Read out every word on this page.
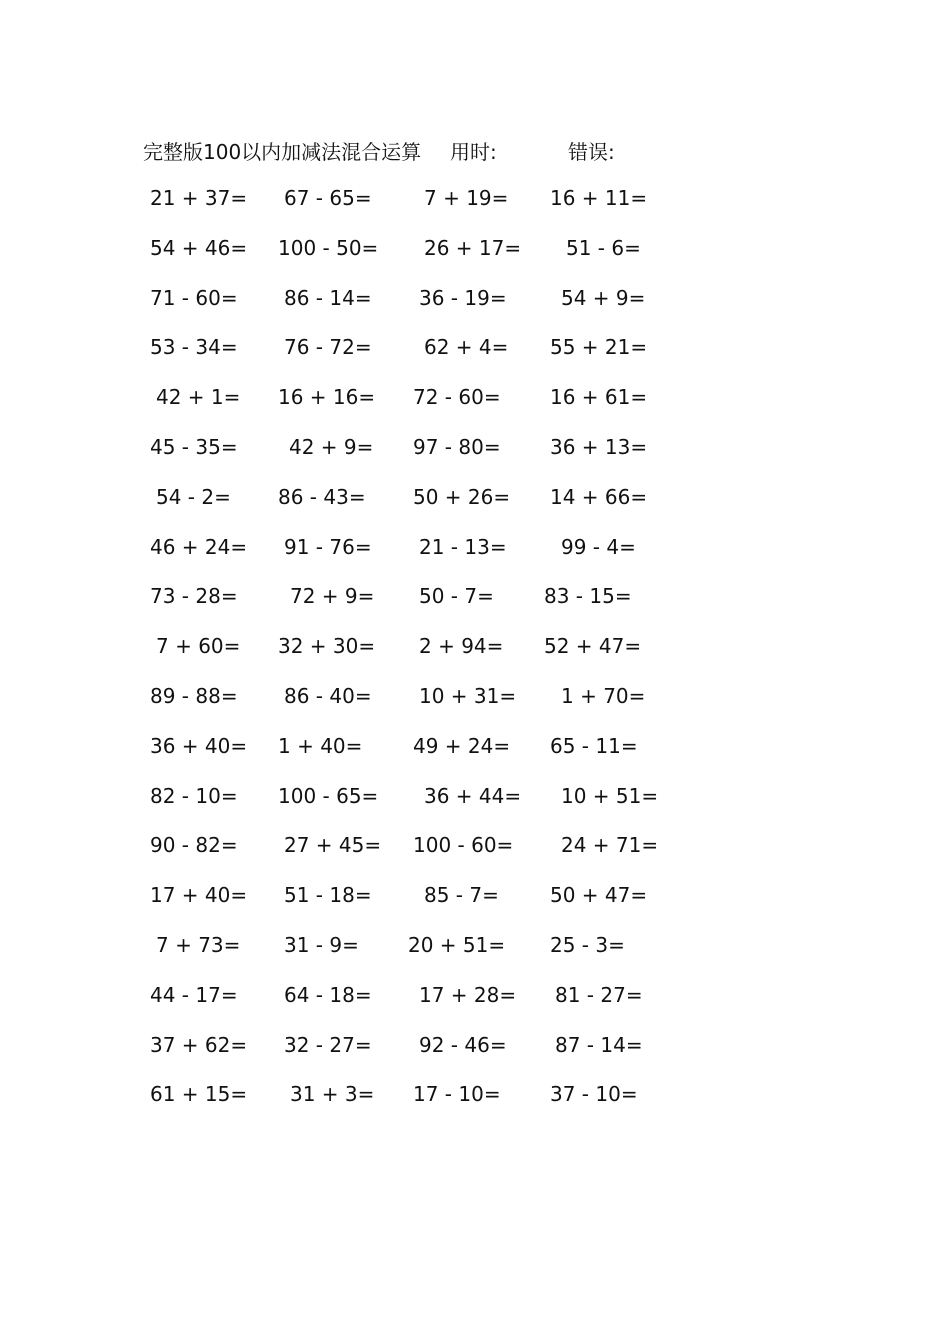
完整版100以内加减法混合运算 用时:	错误:
21 + 37= 67 - 65=	7 + 19= 16 + 11=
54 + 46= 100 - 50= 26 + 17= 51 - 6=
71 - 60= 86 - 14= 36 - 19=	54 + 9=
53 - 34= 76 - 72=	62 + 4= 55 + 21=
42 + 1= 16 + 16= 72 - 60= 16 + 61=
45 - 35=	42 + 9= 97 - 80= 36 + 13=
54 - 2= 86 - 43= 50 + 26= 14 + 66=
46 + 24= 91 - 76= 21 - 13=	99 - 4=
73 - 28=	72 + 9= 50 - 7=	83 - 15=
7 + 60= 32 + 30= 2 + 94= 52 + 47=
89 - 88= 86 - 40= 10 + 31= 1 + 70=
36 + 40= 1 + 40=	49 + 24= 65 - 11=
82 - 10= 100 - 65= 36 + 44= 10 + 51=
90 - 82= 27 + 45= 100 - 60= 24 + 71=
17 + 40= 51 - 18=	85 - 7=	50 + 47=
7 + 73= 31 - 9= 20 + 51= 25 - 3=
44 - 17= 64 - 18= 17 + 28= 81 - 27=
37 + 62= 32 - 27= 92 - 46= 87 - 14=
61 + 15= 31 + 3= 17 - 10= 37 - 10=
